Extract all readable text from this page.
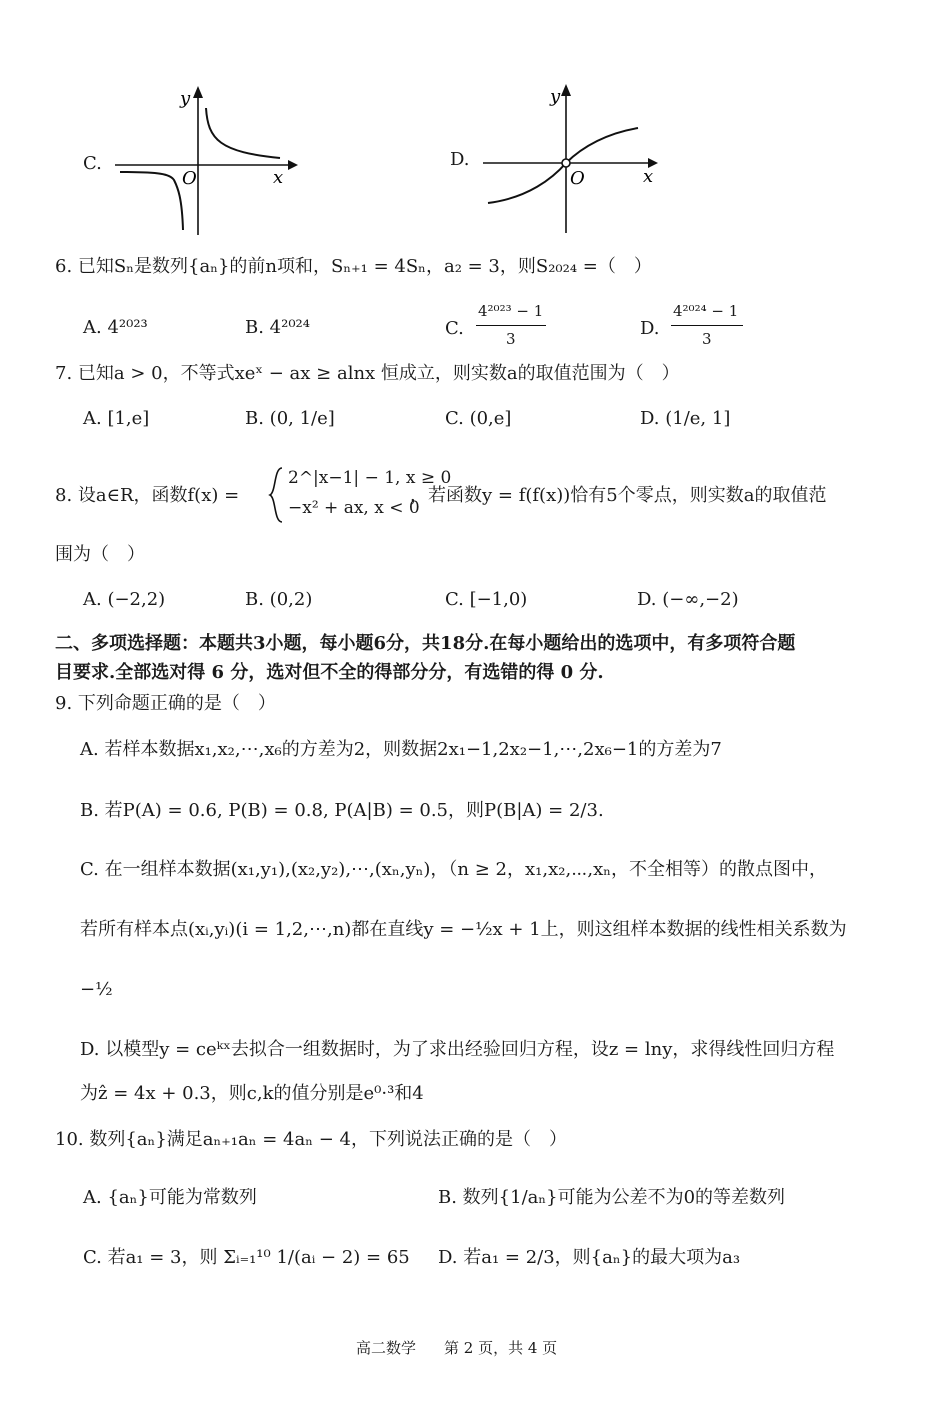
C.
y
x
O
D.
y
x
O
6. 已知Sₙ是数列{aₙ}的前n项和，Sₙ₊₁ = 4Sₙ，a₂ = 3，则S₂₀₂₄ =（　）
A. 4²⁰²³	B. 4²⁰²⁴	C.
4²⁰²³ − 1
3	D.
4²⁰²⁴ − 1
3
7. 已知a > 0，不等式xeˣ − ax ≥ alnx 恒成立，则实数a的取值范围为（　）
A. [1,e]	B. (0, 1/e]	C. (0,e]	D. (1/e, 1]
8. 设a∈R，函数f(x) =
2^|x−1| − 1, x ≥ 0
−x² + ax, x < 0
，若函数y = f(f(x))恰有5个零点，则实数a的取值范
围为（　）
A. (−2,2)	B. (0,2)	C. [−1,0)	D. (−∞,−2)
二、多项选择题：本题共3小题，每小题6分，共18分.在每小题给出的选项中，有多项符合题
目要求.全部选对得 6 分，选对但不全的得部分分，有选错的得 0 分.
9. 下列命题正确的是（　）
A. 若样本数据x₁,x₂,⋯,x₆的方差为2，则数据2x₁−1,2x₂−1,⋯,2x₆−1的方差为7
B. 若P(A) = 0.6, P(B) = 0.8, P(A|B) = 0.5，则P(B|A) = 2/3.
C. 在一组样本数据(x₁,y₁),(x₂,y₂),⋯,(xₙ,yₙ)，（n ≥ 2，x₁,x₂,⋯,xₙ，不全相等）的散点图中，
若所有样本点(xᵢ,yᵢ)(i = 1,2,⋯,n)都在直线y = −½x + 1上，则这组样本数据的线性相关系数为
−½
D. 以模型y = ceᵏˣ去拟合一组数据时，为了求出经验回归方程，设z = lny，求得线性回归方程
为ẑ = 4x + 0.3，则c,k的值分别是e⁰·³和4
10. 数列{aₙ}满足aₙ₊₁aₙ = 4aₙ − 4，下列说法正确的是（　）
A. {aₙ}可能为常数列	B. 数列{1/aₙ}可能为公差不为0的等差数列
C. 若a₁ = 3，则 Σᵢ₌₁¹⁰ 1/(aᵢ − 2) = 65 D. 若a₁ = 2/3，则{aₙ}的最大项为a₃
高二数学 第 2 页，共 4 页
